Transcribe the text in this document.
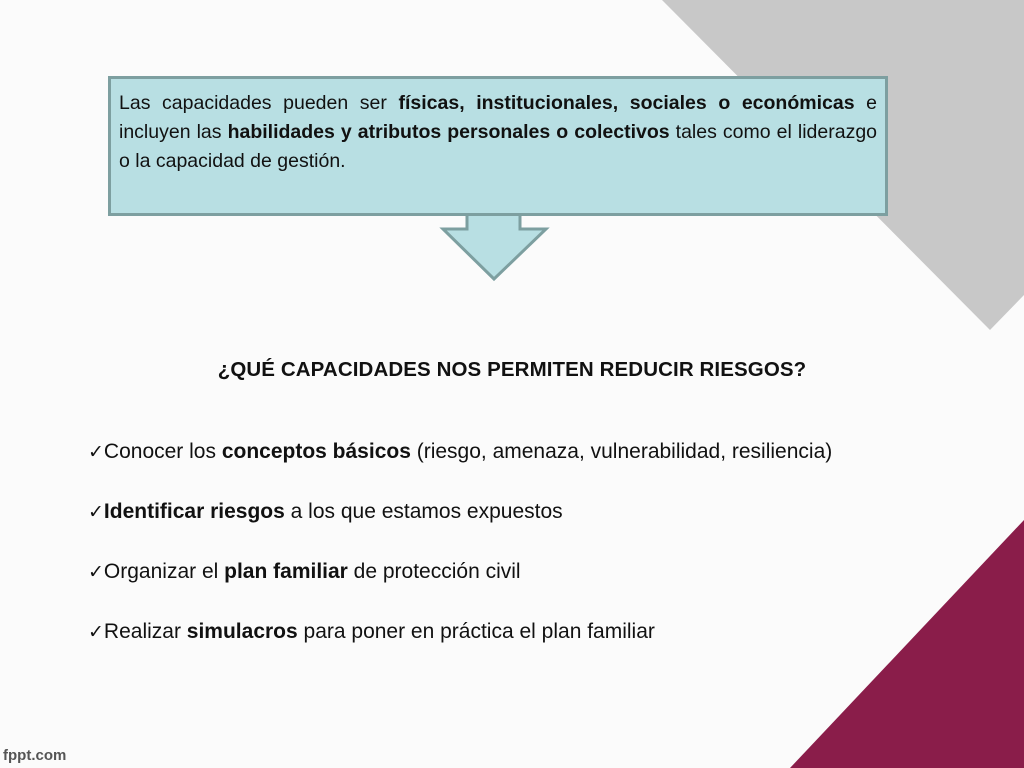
Las capacidades pueden ser físicas, institucionales, sociales o económicas e incluyen las habilidades y atributos personales o colectivos tales como el liderazgo o la capacidad de gestión.
¿QUÉ CAPACIDADES NOS PERMITEN REDUCIR RIESGOS?
✓Conocer los conceptos básicos (riesgo, amenaza, vulnerabilidad, resiliencia)
✓Identificar riesgos a los que estamos expuestos
✓Organizar el plan familiar de protección civil
✓Realizar simulacros para poner en práctica el plan familiar
fppt.com
